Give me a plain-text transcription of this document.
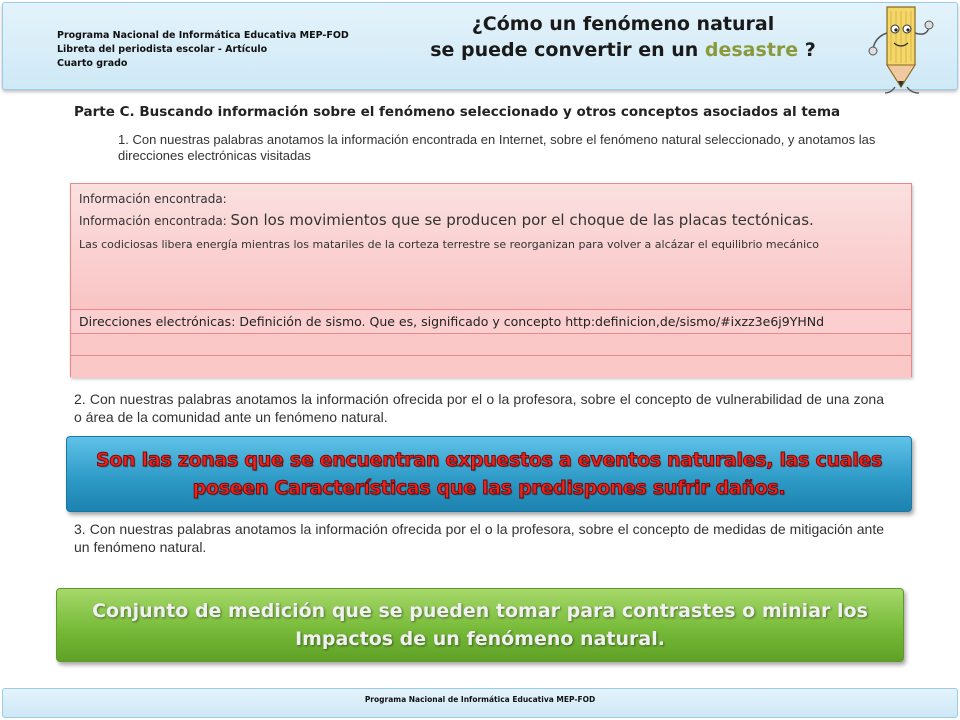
Programa Nacional de Informática Educativa MEP-FOD
Libreta del periodista escolar - Artículo
Cuarto grado
¿Cómo un fenómeno natural
se puede convertir en un desastre ?
Parte C. Buscando información sobre el fenómeno seleccionado y otros conceptos asociados al tema
1. Con nuestras palabras anotamos la información encontrada en Internet, sobre el fenómeno natural seleccionado, y anotamos las direcciones electrónicas visitadas
Información encontrada:
Información encontrada: Son los movimientos que se producen por el choque de las placas tectónicas.
Las codiciosas libera energía mientras los matariles de la corteza terrestre se reorganizan para volver a alcázar el equilibrio mecánico
Direcciones electrónicas: Definición de sismo. Que es, significado y concepto http:definicion,de/sismo/#ixzz3e6j9YHNd
2. Con nuestras palabras anotamos la información ofrecida por el o la profesora, sobre el concepto de vulnerabilidad de una zona o área de la comunidad ante un fenómeno natural.
Son las zonas que se encuentran expuestos a eventos naturales, las cuales poseen Características que las predispones sufrir daños.
3. Con nuestras palabras anotamos la información ofrecida por el o la profesora, sobre el concepto de medidas de mitigación ante un fenómeno natural.
Conjunto de medición que se pueden tomar para contrastes o miniar los Impactos de un fenómeno natural.
Programa Nacional de Informática Educativa MEP-FOD
